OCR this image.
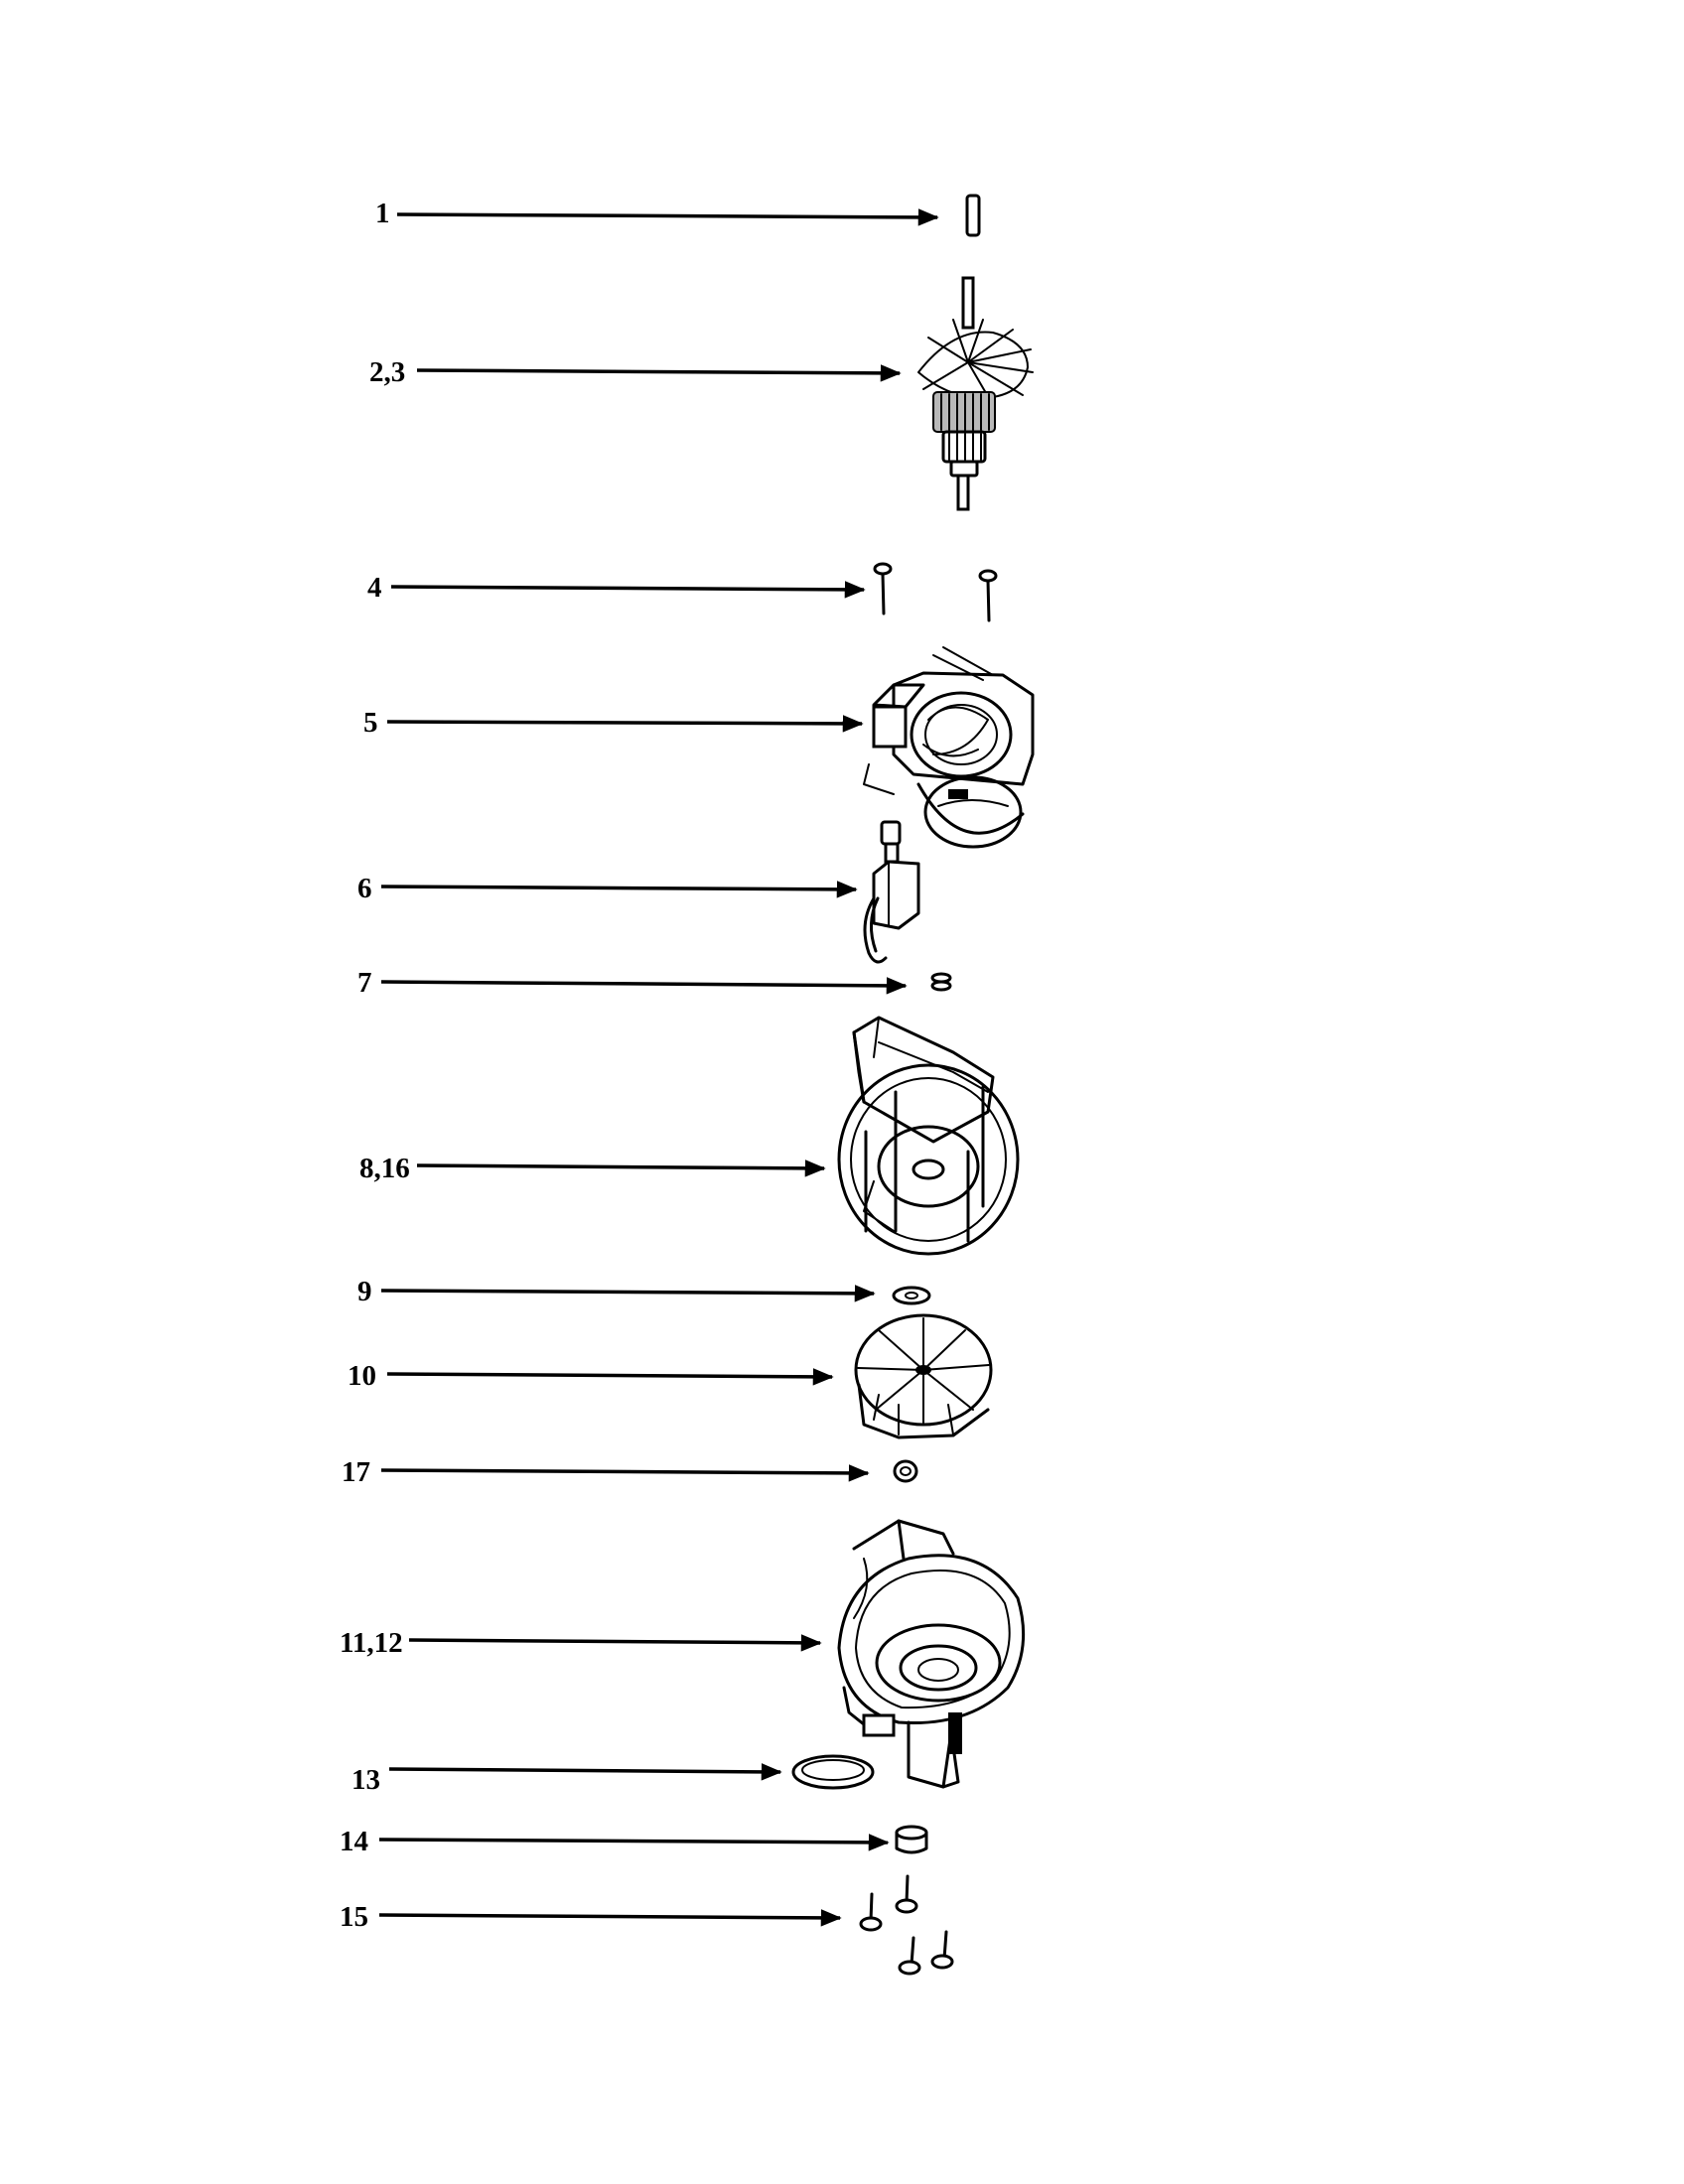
1
2,3
4
5
6
7
8,16
9
10
17
11,12
13
14
15
